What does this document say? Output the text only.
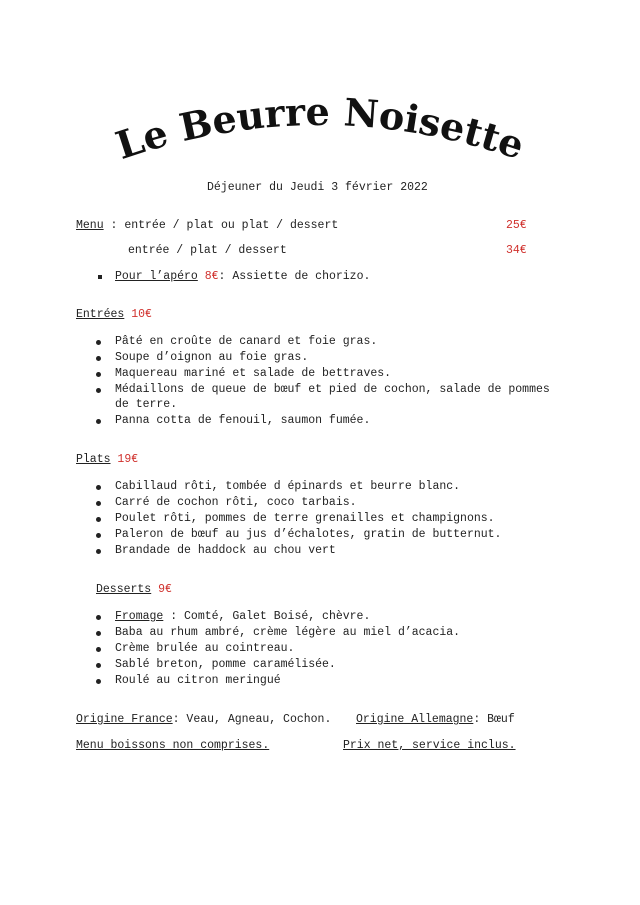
Le Beurre Noisette
Déjeuner du Jeudi 3 février 2022
Menu : entrée / plat ou plat / dessert	25€
entrée / plat / dessert	34€
Pour l’apéro 8€: Assiette de chorizo.
Entrées 10€
Pâté en croûte de canard et foie gras.
Soupe d’oignon au foie gras.
Maquereau mariné et salade de bettraves.
Médaillons de queue de bœuf et pied de cochon, salade de pommes
de terre.
Panna cotta de fenouil, saumon fumée.
Plats 19€
Cabillaud rôti, tombée d épinards et beurre blanc.
Carré de cochon rôti, coco tarbais.
Poulet rôti, pommes de terre grenailles et champignons.
Paleron de bœuf au jus d’échalotes, gratin de butternut.
Brandade de haddock au chou vert
Desserts 9€
Fromage : Comté, Galet Boisé, chèvre.
Baba au rhum ambré, crème légère au miel d’acacia.
Crème brulée au cointreau.
Sablé breton, pomme caramélisée.
Roulé au citron meringué
Origine France: Veau, Agneau, Cochon. Origine Allemagne: Bœuf
Menu boissons non comprises.	Prix net, service inclus.
